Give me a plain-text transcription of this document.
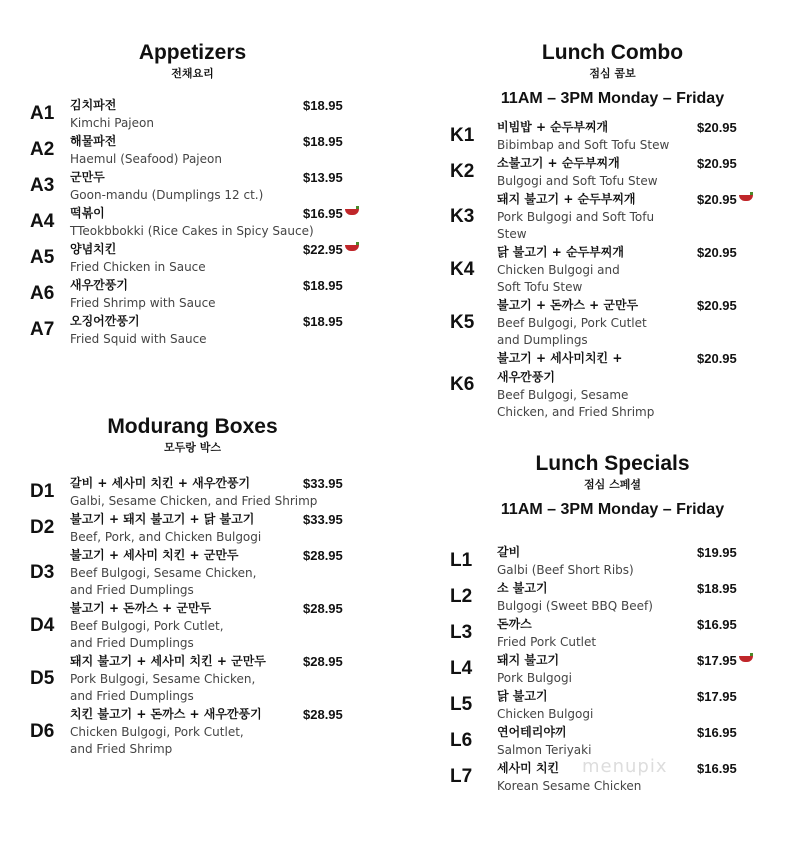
Appetizers
전채요리
A1	김치파전
Kimchi Pajeon
$18.95
A2	해물파전
Haemul (Seafood) Pajeon
$18.95
A3	군만두
Goon-mandu (Dumplings 12 ct.)
$13.95
A4	떡볶이
TTeokbbokki (Rice Cakes in Spicy Sauce)
$16.95
A5	양념치킨
Fried Chicken in Sauce
$22.95
A6	새우깐풍기
Fried Shrimp with Sauce
$18.95
A7	오징어깐풍기
Fried Squid with Sauce
$18.95
Modurang Boxes
모두랑 박스
D1	갈비 + 세사미 치킨 + 새우깐풍기
Galbi, Sesame Chicken, and Fried Shrimp
$33.95
D2	불고기 + 돼지 불고기 + 닭 불고기
Beef, Pork, and Chicken Bulgogi
$33.95
D3
불고기 + 세사미 치킨 + 군만두
Beef Bulgogi, Sesame Chicken,
and Fried Dumplings
$28.95
D4
불고기 + 돈까스 + 군만두
Beef Bulgogi, Pork Cutlet,
and Fried Dumplings
$28.95
D5
돼지 불고기 + 세사미 치킨 + 군만두
Pork Bulgogi, Sesame Chicken,
and Fried Dumplings
$28.95
D6
치킨 불고기 + 돈까스 + 새우깐풍기
Chicken Bulgogi, Pork Cutlet,
and Fried Shrimp
$28.95
Lunch Combo
점심 콤보
11AM – 3PM Monday – Friday
K1	비빔밥 + 순두부찌개
Bibimbap and Soft Tofu Stew
$20.95
K2	소불고기 + 순두부찌개
Bulgogi and Soft Tofu Stew
$20.95
K3
돼지 불고기 + 순두부찌개
Pork Bulgogi and Soft Tofu
Stew
$20.95
K4
닭 불고기 + 순두부찌개
Chicken Bulgogi and
Soft Tofu Stew
$20.95
K5
불고기 + 돈까스 + 군만두
Beef Bulgogi, Pork Cutlet
and Dumplings
$20.95
K6
불고기 + 세사미치킨 +
새우깐풍기
Beef Bulgogi, Sesame
Chicken, and Fried Shrimp
$20.95
Lunch Specials
점심 스페셜
11AM – 3PM Monday – Friday
L1	갈비
Galbi (Beef Short Ribs)
$19.95
L2	소 불고기
Bulgogi (Sweet BBQ Beef)
$18.95
L3	돈까스
Fried Pork Cutlet
$16.95
L4	돼지 불고기
Pork Bulgogi
$17.95
L5	닭 불고기
Chicken Bulgogi
$17.95
L6	연어테리야끼
Salmon Teriyaki
$16.95
L7	세사미 치킨
Korean Sesame Chicken
$16.95
menupix
